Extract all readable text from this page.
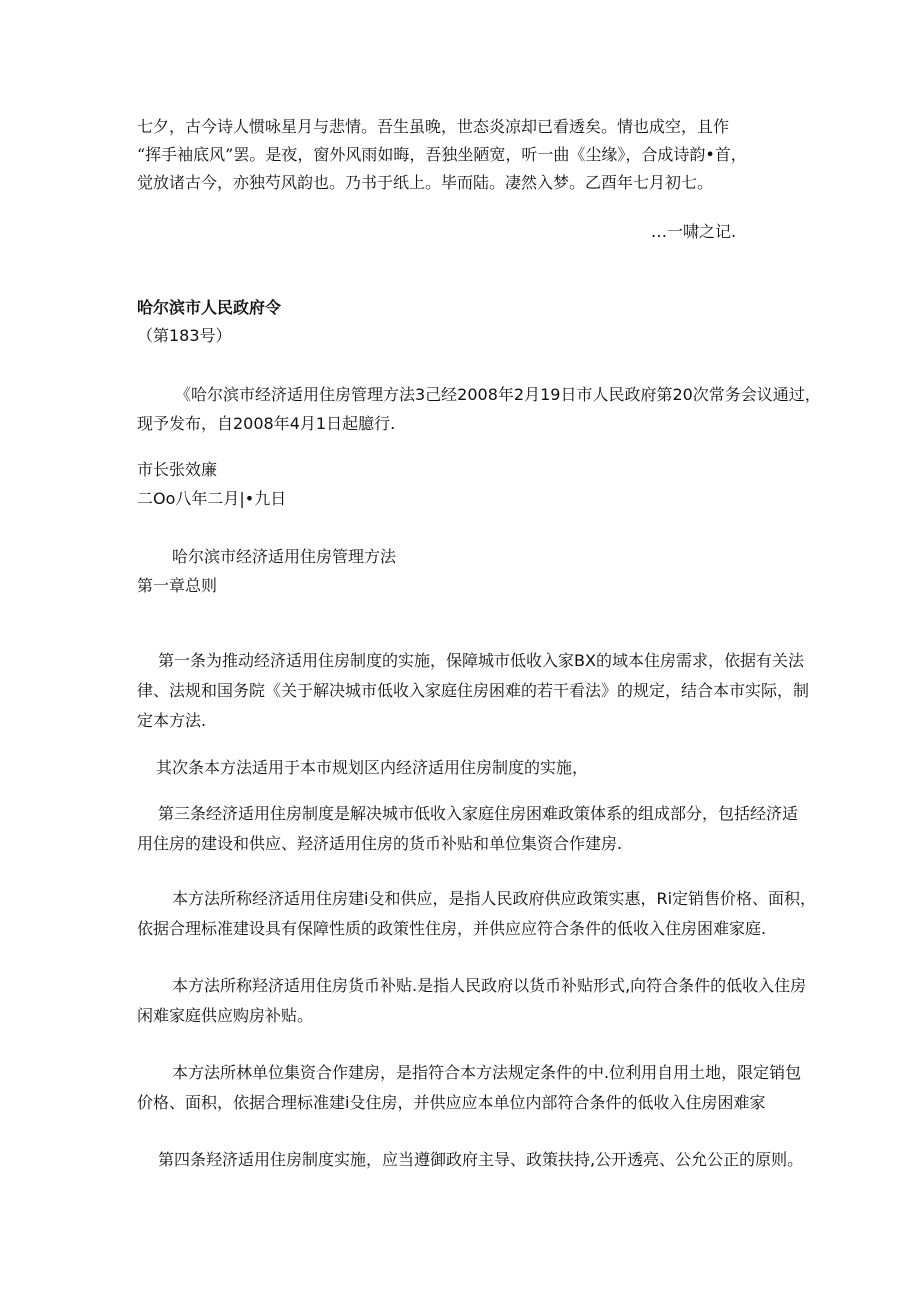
七夕，古今诗人惯咏星月与悲情。吾生虽晚，世态炎凉却已看透矣。情也成空，且作

“挥手袖底风”罢。是夜，窗外风雨如晦，吾独坐陋宽，听一曲《尘缘》，合成诗韵•首，

觉放诸古今，亦独芍风韵也。乃书于纸上。毕而陆。凄然入梦。乙酉年七月初七。

…一啸之记.

哈尔滨市人民政府令

（第183号）

《哈尔滨市经济适用住房管理方法3己经2008年2月19日市人民政府第20次常务会议通过，

现予发布，自2008年4月1日起臆行.

市长张效廉

二Oo八年二月|•九日

哈尔滨市经济适用住房管理方法

第一章总则

第一条为推动经济适用住房制度的实施，保障城市低收入家BX的域本住房需求，依据有关法

律、法规和国务院《关于解决城市低收入家庭住房困难的若干看法》的规定，结合本市实际，制

定本方法.

其次条本方法适用于本市规划区内经济适用住房制度的实施，

第三条经济适用住房制度是解决城市低收入家庭住房困难政策体系的组成部分，包括经济适

用住房的建设和供应、羟济适用住房的货币补贴和单位集资合作建房.

本方法所称经济适用住房建i殳和供应，是指人民政府供应政策实惠，Ri定销售价格、面积，

依据合理标准建设具有保障性质的政策性住房，并供应应符合条件的低收入住房困难家庭.

本方法所称羟济适用住房货币补贴.是指人民政府以货币补贴形式,向符合条件的低收入住房

闲难家庭供应购房补贴。

本方法所林单位集资合作建房，是指符合本方法规定条件的中.位利用自用土地，限定销包

价格、面积，依据合理标准建i殳住房，并供应应本单位内部符合条件的低收入住房困难家

第四条羟济适用住房制度实施，应当遵御政府主导、政策扶持,公开透亮、公允公正的原则。
